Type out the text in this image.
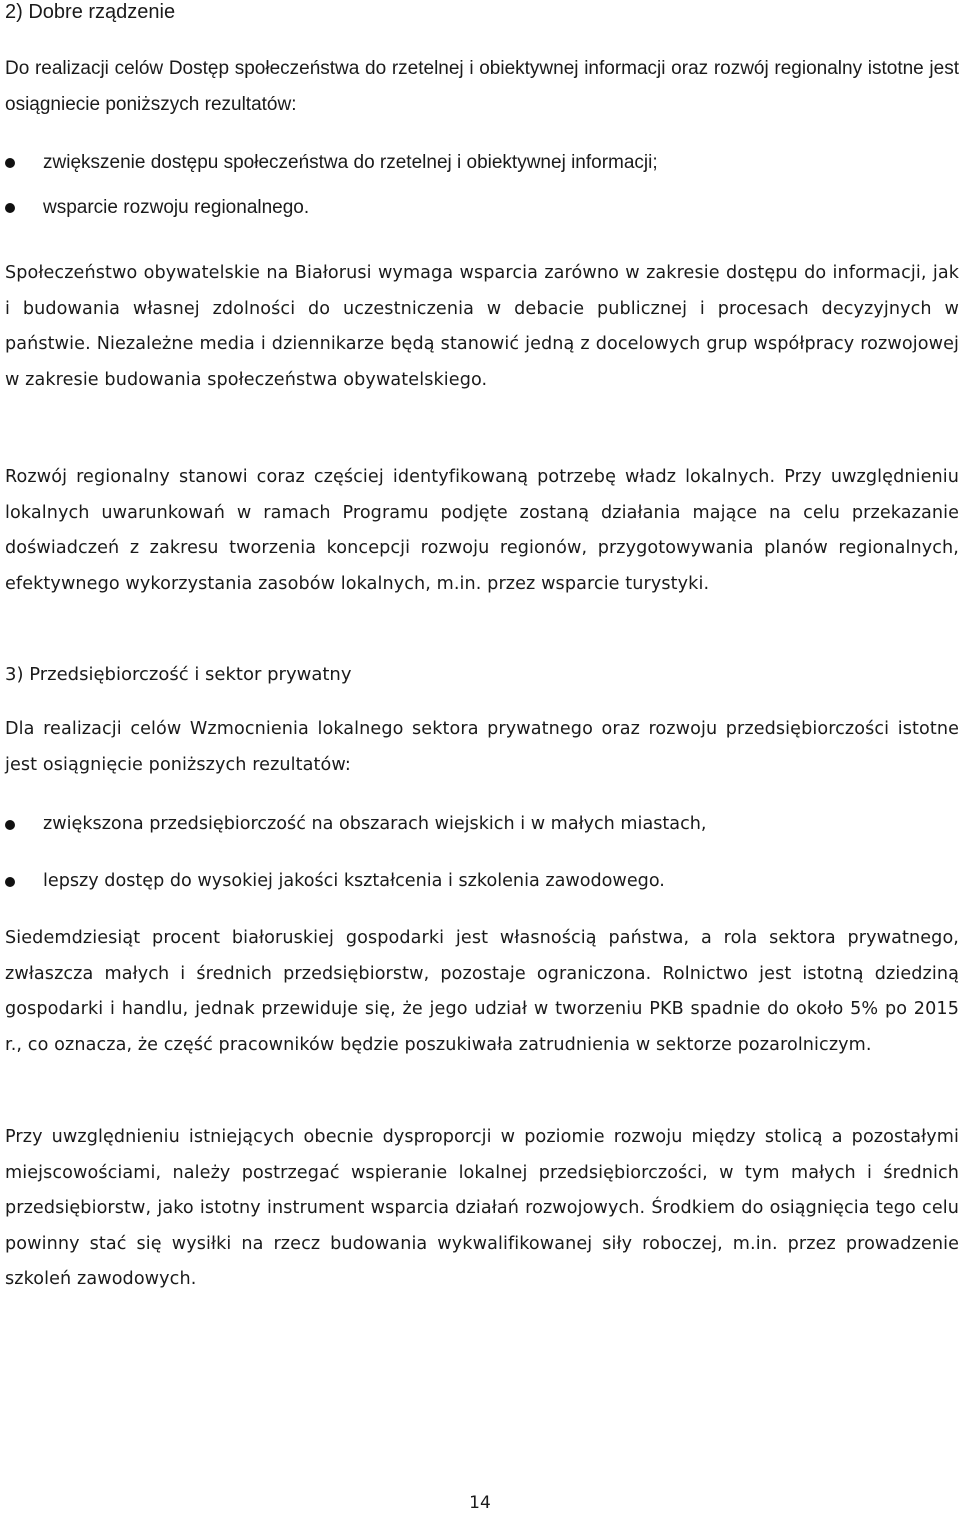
2) Dobre rządzenie

Do realizacji celów Dostęp społeczeństwa do rzetelnej i obiektywnej informacji oraz rozwój regionalny istotne jest osiągniecie poniższych rezultatów:

zwiększenie dostępu społeczeństwa do rzetelnej i obiektywnej informacji;
wsparcie rozwoju regionalnego.

Społeczeństwo obywatelskie na Białorusi wymaga wsparcia zarówno w zakresie dostępu do informacji, jak i budowania własnej zdolności do uczestniczenia w debacie publicznej i procesach decyzyjnych w państwie. Niezależne media i dziennikarze będą stanowić jedną z docelowych grup współpracy rozwojowej w zakresie budowania społeczeństwa obywatelskiego.

Rozwój regionalny stanowi coraz częściej identyfikowaną potrzebę władz lokalnych. Przy uwzględnieniu lokalnych uwarunkowań w ramach Programu podjęte zostaną działania mające na celu przekazanie doświadczeń z zakresu tworzenia koncepcji rozwoju regionów, przygotowywania planów regionalnych, efektywnego wykorzystania zasobów lokalnych, m.in. przez wsparcie turystyki.

3) Przedsiębiorczość i sektor prywatny

Dla realizacji celów Wzmocnienia lokalnego sektora prywatnego oraz rozwoju przedsiębiorczości istotne jest osiągnięcie poniższych rezultatów:

zwiększona przedsiębiorczość na obszarach wiejskich i w małych miastach,
lepszy dostęp do wysokiej jakości kształcenia i szkolenia zawodowego.

Siedemdziesiąt procent białoruskiej gospodarki jest własnością państwa, a rola sektora prywatnego, zwłaszcza małych i średnich przedsiębiorstw, pozostaje ograniczona. Rolnictwo jest istotną dziedziną gospodarki i handlu, jednak przewiduje się, że jego udział w tworzeniu PKB spadnie do około 5% po 2015 r., co oznacza, że część pracowników będzie poszukiwała zatrudnienia w sektorze pozarolniczym.

Przy uwzględnieniu istniejących obecnie dysproporcji w poziomie rozwoju między stolicą a pozostałymi miejscowościami, należy postrzegać wspieranie lokalnej przedsiębiorczości, w tym małych i średnich przedsiębiorstw, jako istotny instrument wsparcia działań rozwojowych. Środkiem do osiągnięcia tego celu powinny stać się wysiłki na rzecz budowania wykwalifikowanej siły roboczej, m.in. przez prowadzenie szkoleń zawodowych.

14
